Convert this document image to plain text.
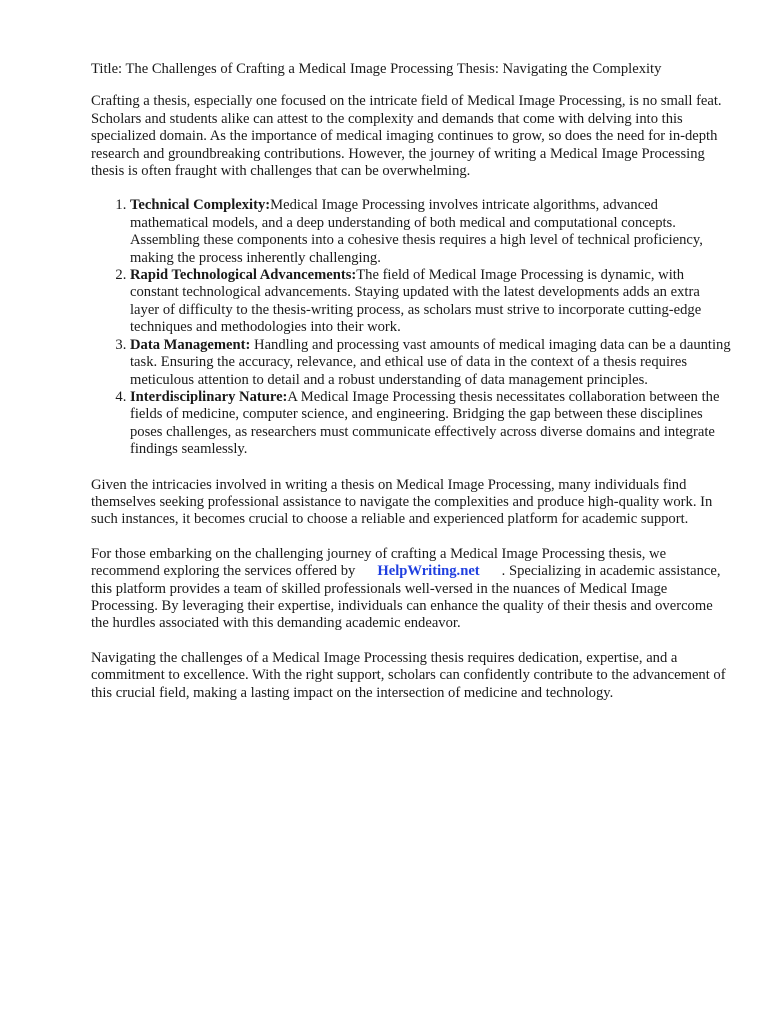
Title: The Challenges of Crafting a Medical Image Processing Thesis: Navigating the Complexity

Crafting a thesis, especially one focused on the intricate field of Medical Image Processing, is no small feat. Scholars and students alike can attest to the complexity and demands that come with delving into this specialized domain. As the importance of medical imaging continues to grow, so does the need for in-depth research and groundbreaking contributions. However, the journey of writing a Medical Image Processing thesis is often fraught with challenges that can be overwhelming.

1. Technical Complexity:Medical Image Processing involves intricate algorithms, advanced mathematical models, and a deep understanding of both medical and computational concepts. Assembling these components into a cohesive thesis requires a high level of technical proficiency, making the process inherently challenging.
2. Rapid Technological Advancements:The field of Medical Image Processing is dynamic, with constant technological advancements. Staying updated with the latest developments adds an extra layer of difficulty to the thesis-writing process, as scholars must strive to incorporate cutting-edge techniques and methodologies into their work.
3. Data Management: Handling and processing vast amounts of medical imaging data can be a daunting task. Ensuring the accuracy, relevance, and ethical use of data in the context of a thesis requires meticulous attention to detail and a robust understanding of data management principles.
4. Interdisciplinary Nature:A Medical Image Processing thesis necessitates collaboration between the fields of medicine, computer science, and engineering. Bridging the gap between these disciplines poses challenges, as researchers must communicate effectively across diverse domains and integrate findings seamlessly.

Given the intricacies involved in writing a thesis on Medical Image Processing, many individuals find themselves seeking professional assistance to navigate the complexities and produce high-quality work. In such instances, it becomes crucial to choose a reliable and experienced platform for academic support.

For those embarking on the challenging journey of crafting a Medical Image Processing thesis, we recommend exploring the services offered by HelpWriting.net . Specializing in academic assistance, this platform provides a team of skilled professionals well-versed in the nuances of Medical Image Processing. By leveraging their expertise, individuals can enhance the quality of their thesis and overcome the hurdles associated with this demanding academic endeavor.

Navigating the challenges of a Medical Image Processing thesis requires dedication, expertise, and a commitment to excellence. With the right support, scholars can confidently contribute to the advancement of this crucial field, making a lasting impact on the intersection of medicine and technology.
